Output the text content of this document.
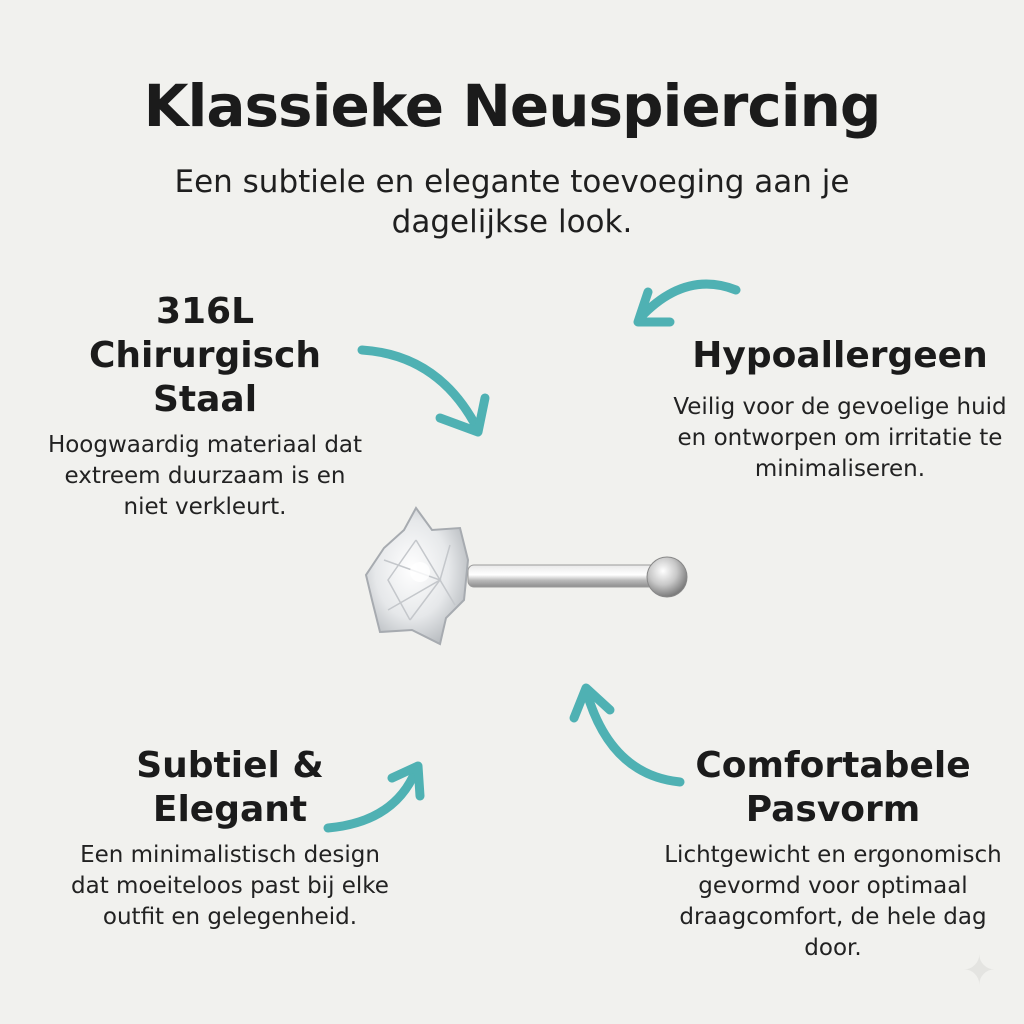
Klassieke Neuspiercing
Een subtiele en elegante toevoeging aan je dagelijkse look.
316L Chirurgisch Staal

Hoogwaardig materiaal dat extreem duurzaam is en niet verkleurt.

Hypoallergeen

Veilig voor de gevoelige huid en ontworpen om irritatie te minimaliseren.

Subtiel & Elegant

Een minimalistisch design dat moeiteloos past bij elke outfit en gelegenheid.

Comfortabele Pasvorm

Lichtgewicht en ergonomisch gevormd voor optimaal draagcomfort, de hele dag door.	✦
